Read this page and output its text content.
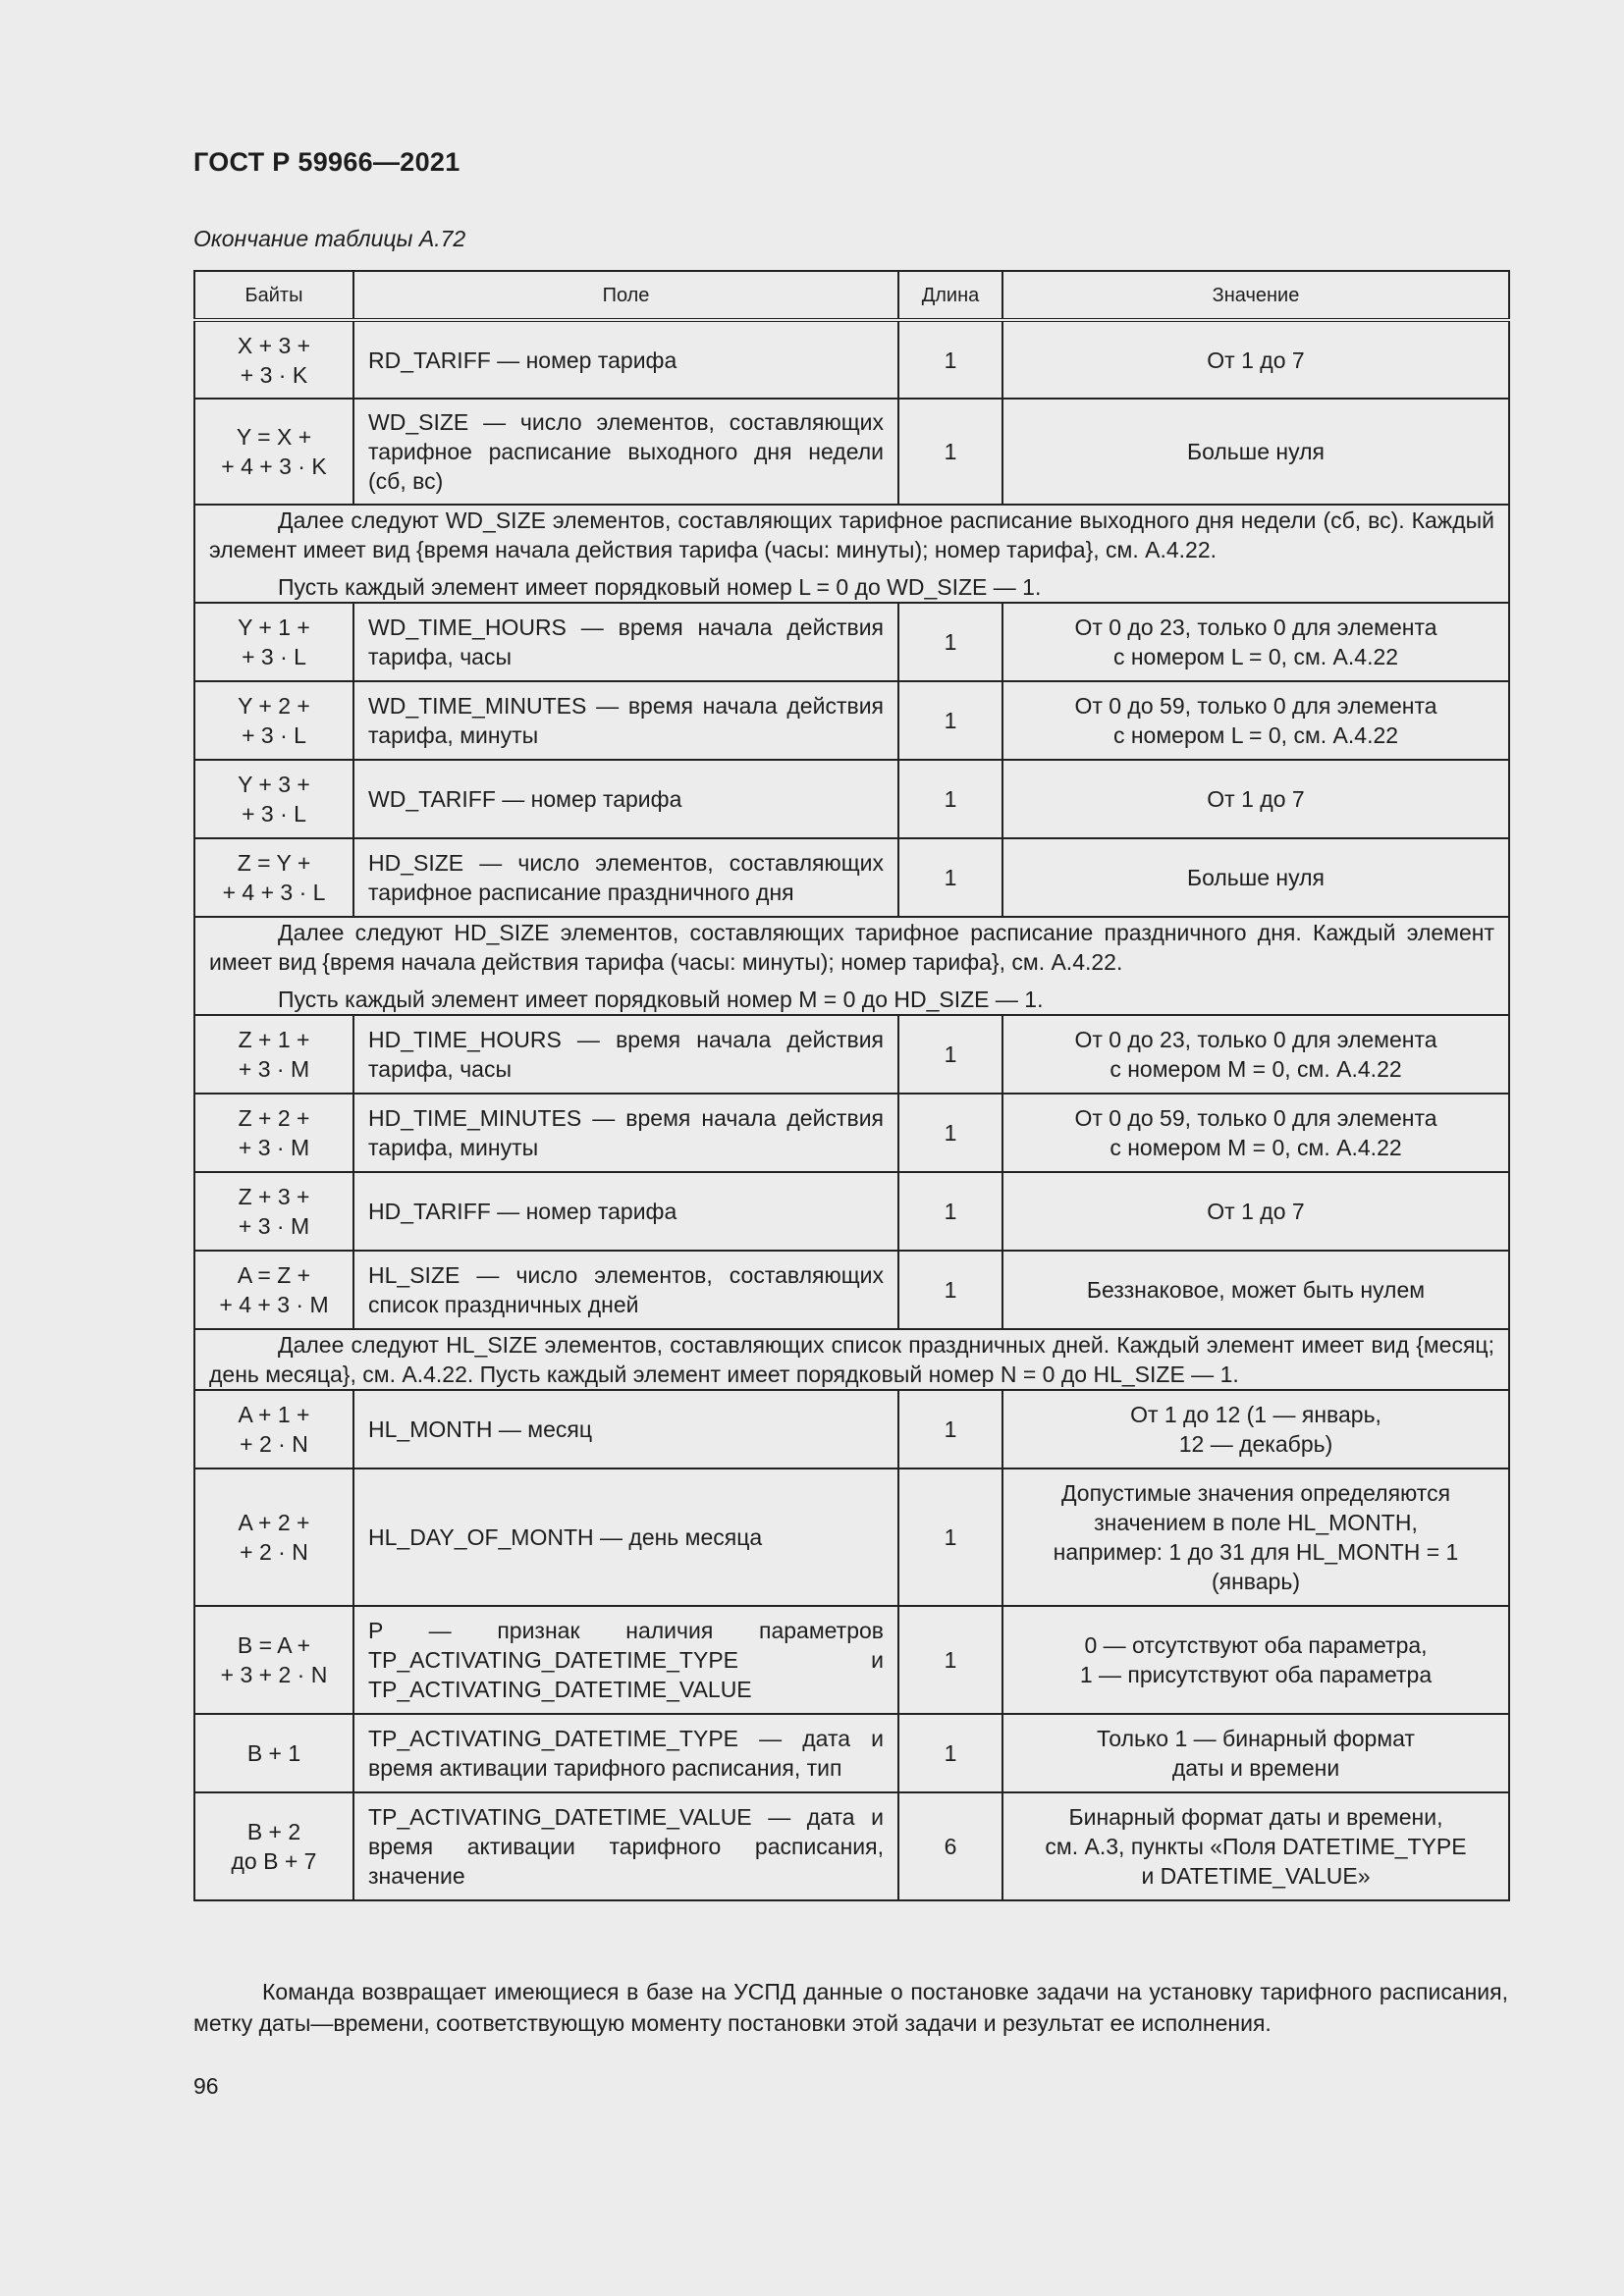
ГОСТ Р 59966—2021
Окончание таблицы А.72
Байты	Поле	Длина	Значение
X + 3 +
+ 3 · K	RD_TARIFF — номер тарифа	1	От 1 до 7
Y = X +
+ 4 + 3 · K	WD_SIZE — число элементов, составляющих тарифное расписание выходного дня недели (сб, вс)	1	Больше нуля

Далее следуют WD_SIZE элементов, составляющих тарифное расписание выходного дня недели (сб, вс). Каждый элемент имеет вид {время начала действия тарифа (часы: минуты); номер тарифа}, см. А.4.22.

Пусть каждый элемент имеет порядковый номер L = 0 до WD_SIZE — 1.			

Y + 1 +
+ 3 · L	WD_TIME_HOURS — время начала действия тарифа, часы	1	От 0 до 23, только 0 для элемента
с номером L = 0, см. А.4.22
Y + 2 +
+ 3 · L	WD_TIME_MINUTES — время начала действия тарифа, минуты	1	От 0 до 59, только 0 для элемента
с номером L = 0, см. А.4.22
Y + 3 +
+ 3 · L	WD_TARIFF — номер тарифа	1	От 1 до 7
Z = Y +
+ 4 + 3 · L	HD_SIZE — число элементов, составляющих тарифное расписание праздничного дня	1	Больше нуля

Далее следуют HD_SIZE элементов, составляющих тарифное расписание праздничного дня. Каждый элемент имеет вид {время начала действия тарифа (часы: минуты); номер тарифа}, см. А.4.22.

Пусть каждый элемент имеет порядковый номер M = 0 до HD_SIZE — 1.			

Z + 1 +
+ 3 · M	HD_TIME_HOURS — время начала действия тарифа, часы	1	От 0 до 23, только 0 для элемента
с номером M = 0, см. А.4.22
Z + 2 +
+ 3 · M	HD_TIME_MINUTES — время начала действия тарифа, минуты	1	От 0 до 59, только 0 для элемента
с номером M = 0, см. А.4.22
Z + 3 +
+ 3 · M	HD_TARIFF — номер тарифа	1	От 1 до 7
A = Z +
+ 4 + 3 · M	HL_SIZE — число элементов, составляющих список праздничных дней	1	Беззнаковое, может быть нулем

Далее следуют HL_SIZE элементов, составляющих список праздничных дней. Каждый элемент имеет вид {месяц; день месяца}, см. А.4.22. Пусть каждый элемент имеет порядковый номер N = 0 до HL_SIZE — 1.			

A + 1 +
+ 2 · N	HL_MONTH — месяц	1	От 1 до 12 (1 — январь,
12 — декабрь)
A + 2 +
+ 2 · N	HL_DAY_OF_MONTH — день месяца	1	Допустимые значения определяются
значением в поле HL_MONTH,
например: 1 до 31 для HL_MONTH = 1
(январь)
B = A +
+ 3 + 2 · N	P — признак наличия параметров TP_ACTIVATING_DATETIME_TYPE и TP_ACTIVATING_DATETIME_VALUE	1	0 — отсутствуют оба параметра,
1 — присутствуют оба параметра
B + 1	TP_ACTIVATING_DATETIME_TYPE — дата и время активации тарифного расписания, тип	1	Только 1 — бинарный формат
даты и времени
B + 2
до B + 7	TP_ACTIVATING_DATETIME_VALUE — дата и время активации тарифного расписания, значение	6	Бинарный формат даты и времени,
см. А.3, пункты «Поля DATETIME_TYPE
и DATETIME_VALUE»
Команда возвращает имеющиеся в базе на УСПД данные о постановке задачи на установку тарифного расписания, метку даты—времени, соответствующую моменту постановки этой задачи и результат ее исполнения.
96
